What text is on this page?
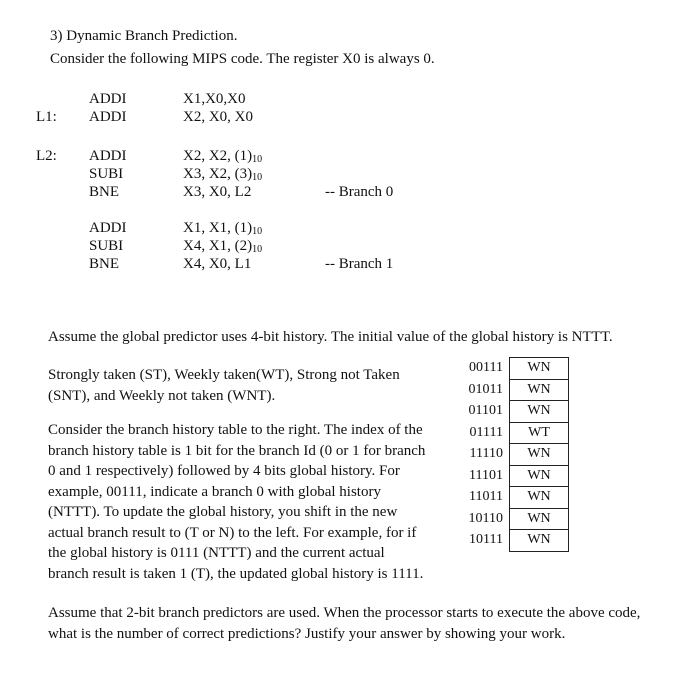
3) Dynamic Branch Prediction.
Consider the following MIPS code. The register X0 is always 0.
ADDI	X1,X0,X0
L1: ADDI	X2, X0, X0
L2: ADDI	X2, X2, $(1)_{10}$
SUBI	X3, X2, $(3)_{10}$
BNE	X3, X0, L2	-- Branch 0
ADDI	X1, X1, $(1)_{10}$
SUBI	X4, X1, $(2)_{10}$
BNE	X4, X0, L1	-- Branch 1
Assume the global predictor uses 4-bit history. The initial value of the global history is NTTT.
Strongly taken (ST), Weekly taken(WT), Strong not Taken (SNT), and Weekly not taken (WNT).
Consider the branch history table to the right. The index of the branch history table is 1 bit for the branch Id (0 or 1 for branch 0 and 1 respectively) followed by 4 bits global history. For example, 00111, indicate a branch 0 with global history (NTTT). To update the global history, you shift in the new actual branch result to (T or N) to the left. For example, for if the global history is 0111 (NTTT) and the current actual branch result is taken 1 (T), the updated global history is 1111.
00111	WN
01011	WN
01101	WN
01111	WT
11110	WN
11101	WN
11011	WN
10110	WN
10111	WN
Assume that 2-bit branch predictors are used. When the processor starts to execute the above code, what is the number of correct predictions? Justify your answer by showing your work.
